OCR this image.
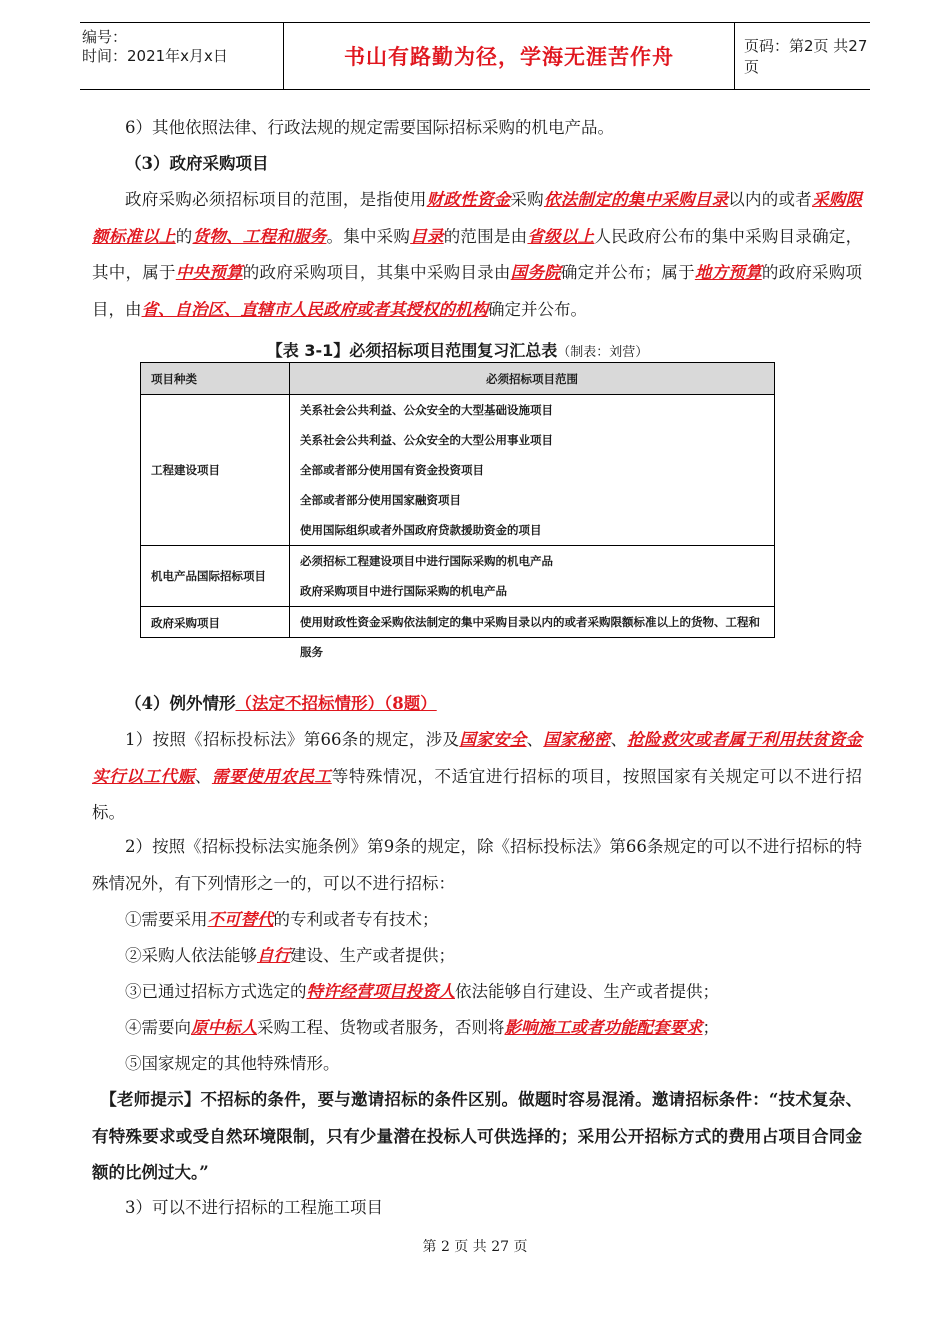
编号：
时间：2021年x月x日	书山有路勤为径，学海无涯苦作舟	页码：第2页 共27页
6）其他依照法律、行政法规的规定需要国际招标采购的机电产品。
（3）政府采购项目
政府采购必须招标项目的范围，是指使用财政性资金采购依法制定的集中采购目录以内的或者采购限额标准以上的货物、工程和服务。集中采购目录的范围是由省级以上人民政府公布的集中采购目录确定，其中，属于中央预算的政府采购项目，其集中采购目录由国务院确定并公布；属于地方预算的政府采购项目，由省、自治区、直辖市人民政府或者其授权的机构确定并公布。
【表 3-1】必须招标项目范围复习汇总表（制表：刘营）
项目种类	必须招标项目范围
工程建设项目	关系社会公共利益、公众安全的大型基础设施项目
关系社会公共利益、公众安全的大型公用事业项目
全部或者部分使用国有资金投资项目
全部或者部分使用国家融资项目
使用国际组织或者外国政府贷款援助资金的项目

机电产品国际招标项目	必须招标工程建设项目中进行国际采购的机电产品
政府采购项目中进行国际采购的机电产品

政府采购项目	使用财政性资金采购依法制定的集中采购目录以内的或者采购限额标准以上的货物、工程和服务
（4）例外情形（法定不招标情形）（8题）
1）按照《招标投标法》第66条的规定，涉及国家安全、国家秘密、抢险救灾或者属于利用扶贫资金实行以工代赈、需要使用农民工等特殊情况，不适宜进行招标的项目，按照国家有关规定可以不进行招标。
2）按照《招标投标法实施条例》第9条的规定，除《招标投标法》第66条规定的可以不进行招标的特殊情况外，有下列情形之一的，可以不进行招标：
①需要采用不可替代的专利或者专有技术；
②采购人依法能够自行建设、生产或者提供；
③已通过招标方式选定的特许经营项目投资人依法能够自行建设、生产或者提供；
④需要向原中标人采购工程、货物或者服务，否则将影响施工或者功能配套要求；
⑤国家规定的其他特殊情形。
【老师提示】不招标的条件，要与邀请招标的条件区别。做题时容易混淆。邀请招标条件：“技术复杂、有特殊要求或受自然环境限制，只有少量潜在投标人可供选择的；采用公开招标方式的费用占项目合同金额的比例过大。”
3）可以不进行招标的工程施工项目
第 2 页 共 27 页
